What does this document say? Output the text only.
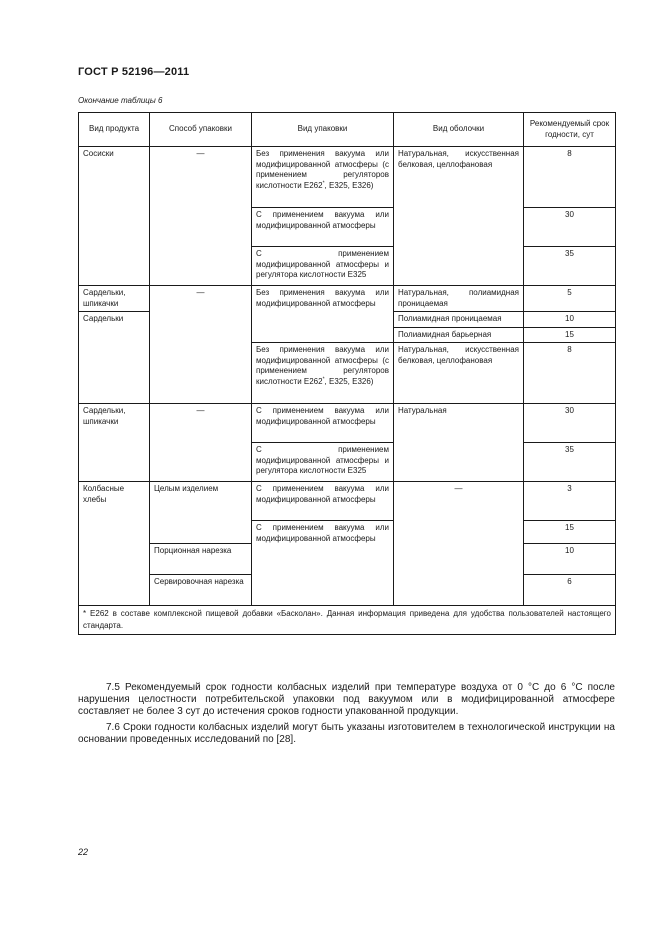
ГОСТ Р 52196—2011
Окончание таблицы 6
Вид продукта	Способ упаковки	Вид упаковки	Вид оболочки	Рекомендуемый срок годности, сут
Сосиски	—	Без применения вакуума или модифицированной атмосферы (с применением регуляторов кислотности Е262*, Е325, Е326)	Натуральная, искусственная белковая, целлофановая	8
		С применением вакуума или модифицированной атмосферы		30
		С применением модифицированной атмосферы и регулятора кислотности Е325		35
Сардельки, шпикачки	—	Без применения вакуума или модифицированной атмосферы	Натуральная, полиамидная проницаемая	5
Сардельки			Полиамидная проницаемая	10
			Полиамидная барьерная	15
		Без применения вакуума или модифицированной атмосферы (с применением регуляторов кислотности Е262*, Е325, Е326)	Натуральная, искусственная белковая, целлофановая	8
Сардельки, шпикачки	—	С применением вакуума или модифицированной атмосферы	Натуральная	30
		С применением модифицированной атмосферы и регулятора кислотности Е325		35
Колбасные хлебы	Целым изделием	С применением вакуума или модифицированной атмосферы	—	3
		С применением вакуума или модифицированной атмосферы		15
	Порционная нарезка			10
	Сервировочная нарезка			6
* Е262 в составе комплексной пищевой добавки «Басколан». Данная информация приведена для удобства пользователей настоящего стандарта.				

7.5 Рекомендуемый срок годности колбасных изделий при температуре воздуха от 0 °С до 6 °С после нарушения целостности потребительской упаковки под вакуумом или в модифицированной атмосфере составляет не более 3 сут до истечения сроков годности упакованной продукции.

7.6 Сроки годности колбасных изделий могут быть указаны изготовителем в технологической инструкции на основании проведенных исследований по [28].

22
